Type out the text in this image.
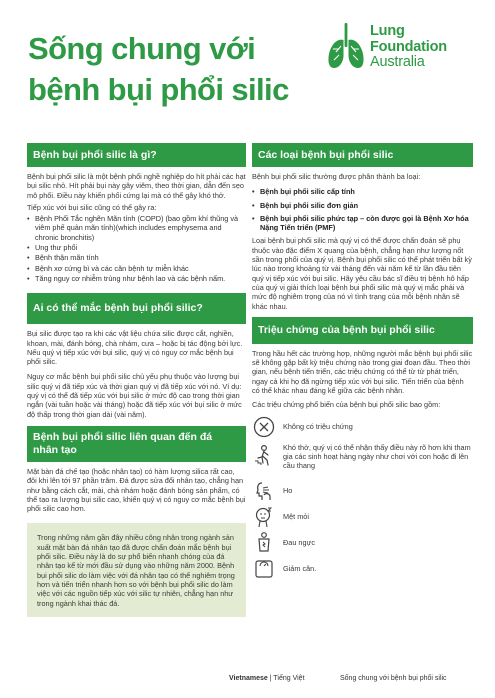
Sống chung với
bệnh bụi phổi silic
Lung
Foundation
Australia
Bệnh bụi phổi silic là gì?

Bệnh bụi phổi silic là một bệnh phổi nghề nghiệp do hít phải các hạt bụi silic nhỏ. Hít phải bụi này gây viêm, theo thời gian, dẫn đến sẹo mô phổi. Điều này khiến phổi cứng lại mà có thể gây khó thở.

Tiếp xúc với bụi silic cũng có thể gây ra:

• Bệnh Phổi Tắc nghẽn Mãn tính (COPD) (bao gồm khí thũng và viêm phế quản mãn tính)(which includes emphysema and chronic bronchitis)
• Ung thư phổi
• Bệnh thận mãn tính
• Bệnh xơ cứng bì và các căn bệnh tự miễn khác
• Tăng nguy cơ nhiễm trùng như bệnh lao và các bệnh nấm.
Ai có thể mắc bệnh bụi phổi silic?

Bụi silic được tạo ra khi các vật liệu chứa silic được cắt, nghiền, khoan, mài, đánh bóng, chà nhám, cưa – hoặc bị tác động bởi lực. Nếu quý vị tiếp xúc với bụi silic, quý vị có nguy cơ mắc bệnh bụi phổi silic.

Nguy cơ mắc bệnh bụi phổi silic chủ yếu phụ thuộc vào lượng bụi silic quý vị đã tiếp xúc và thời gian quý vị đã tiếp xúc với nó. Ví dụ: quý vị có thể đã tiếp xúc với bụi silic ở mức độ cao trong thời gian ngắn (vài tuần hoặc vài tháng) hoặc đã tiếp xúc với bụi silic ở mức độ thấp trong thời gian dài (vài năm).

Bệnh bụi phổi silic liên quan đến đá nhân tạo

Mặt bàn đá chế tạo (hoặc nhân tạo) có hàm lượng silica rất cao, đôi khi lên tới 97 phần trăm. Đá được sửa đổi nhân tạo, chẳng hạn như bằng cách cắt, mài, chà nhám hoặc đánh bóng sản phẩm, có thể tạo ra lượng bụi silic cao, khiến quý vị có nguy cơ mắc bệnh bụi phổi silic cao hơn.

Trong những năm gần đây nhiều công nhân trong ngành sản xuất mặt bàn đá nhân tạo đã được chẩn đoán mắc bệnh bụi phổi silic. Điều này là do sự phổ biến nhanh chóng của đá nhân tạo kể từ mới đầu sử dụng vào những năm 2000. Bệnh bụi phổi silic do làm việc với đá nhân tạo có thể nghiêm trọng hơn và tiến triển nhanh hơn so với bệnh bụi phổi silic do làm việc với các nguồn tiếp xúc với silic tự nhiên, chẳng hạn như trong ngành khai thác đá.

Các loại bệnh bụi phổi silic

Bệnh bụi phổi silic thường được phân thành ba loại:

• Bệnh bụi phổi silic cấp tính
• Bệnh bụi phổi silic đơn giản
• Bệnh bụi phổi silic phức tạp – còn được gọi là Bệnh Xơ hóa Nặng Tiến triển (PMF)

Loại bệnh bụi phổi silic mà quý vị có thể được chẩn đoán sẽ phụ thuộc vào đặc điểm X quang của bệnh, chẳng hạn như lượng nốt sần trong phổi của quý vị. Bệnh bụi phổi silic có thể phát triển bất kỳ lúc nào trong khoảng từ vài tháng đến vài năm kể từ lần đầu tiên quý vị tiếp xúc với bụi silic. Hãy yêu cầu bác sĩ điều trị bệnh hô hấp của quý vị giải thích loại bệnh bụi phổi silic mà quý vị mắc phải và mức độ nghiêm trọng của nó vì tình trạng của mỗi bệnh nhân sẽ khác nhau.

Triệu chứng của bệnh bụi phổi silic

Trong hầu hết các trường hợp, những người mắc bệnh bụi phổi silic sẽ không gặp bất kỳ triệu chứng nào trong giai đoạn đầu. Theo thời gian, nếu bệnh tiến triển, các triệu chứng có thể từ từ phát triển, ngay cả khi họ đã ngừng tiếp xúc với bụi silic. Tiến triển của bệnh có thể khác nhau đáng kể giữa các bệnh nhân.

Các triệu chứng phổ biến của bệnh bụi phổi silic bao gồm:

Không có triệu chứng
Khó thở, quý vị có thể nhận thấy điều này rõ hơn khi tham gia các sinh hoạt hàng ngày như chơi với con hoặc đi lên cầu thang
Ho
Mệt mỏi
Đau ngực
Giảm cân.
Vietnamese | Tiếng Việt	Sống chung với bệnh bụi phổi silic
